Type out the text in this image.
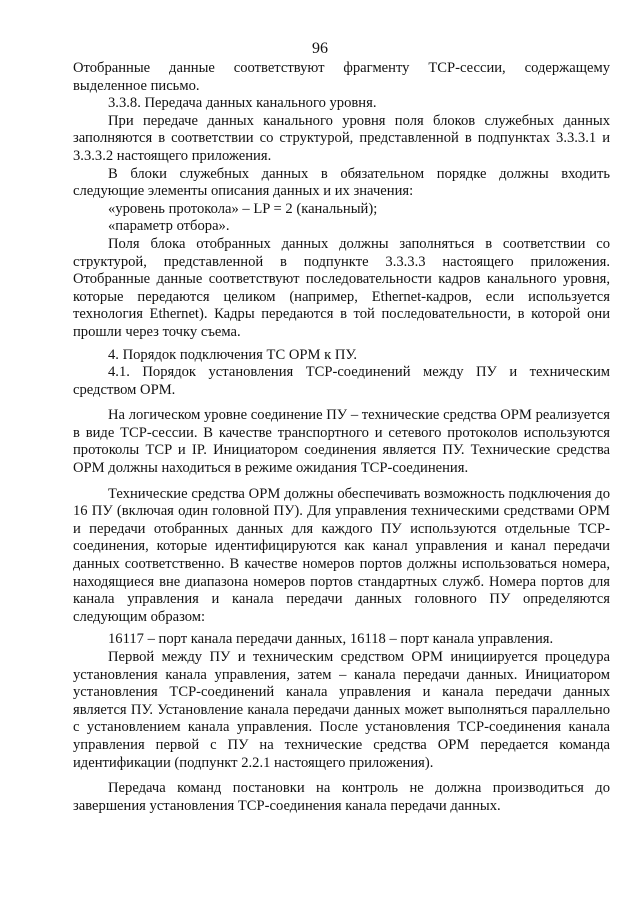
96

Отобранные данные соответствуют фрагменту TCP-сессии, содержащему выделенное письмо.

3.3.8. Передача данных канального уровня.

При передаче данных канального уровня поля блоков служебных данных заполняются в соответствии со структурой, представленной в подпунктах 3.3.3.1 и 3.3.3.2 настоящего приложения.

В блоки служебных данных в обязательном порядке должны входить следующие элементы описания данных и их значения:

«уровень протокола» – LP = 2 (канальный);

«параметр отбора».

Поля блока отобранных данных должны заполняться в соответствии со структурой, представленной в подпункте 3.3.3.3 настоящего приложения. Отобранные данные соответствуют последовательности кадров канального уровня, которые передаются целиком (например, Ethernet-кадров, если используется технология Ethernet). Кадры передаются в той последовательности, в которой они прошли через точку съема.

4. Порядок подключения ТС ОРМ к ПУ.

4.1. Порядок установления TCP-соединений между ПУ и техническим средством ОРМ.

На логическом уровне соединение ПУ – технические средства ОРМ реализуется в виде TCP-сессии. В качестве транспортного и сетевого протоколов используются протоколы TCP и IP. Инициатором соединения является ПУ. Технические средства ОРМ должны находиться в режиме ожидания TCP-соединения.

Технические средства ОРМ должны обеспечивать возможность подключения до 16 ПУ (включая один головной ПУ). Для управления техническими средствами ОРМ и передачи отобранных данных для каждого ПУ используются отдельные TCP-соединения, которые идентифицируются как канал управления и канал передачи данных соответственно. В качестве номеров портов должны использоваться номера, находящиеся вне диапазона номеров портов стандартных служб. Номера портов для канала управления и канала передачи данных головного ПУ определяются следующим образом:

16117 – порт канала передачи данных, 16118 – порт канала управления.

Первой между ПУ и техническим средством ОРМ инициируется процедура установления канала управления, затем – канала передачи данных. Инициатором установления TCP-соединений канала управления и канала передачи данных является ПУ. Установление канала передачи данных может выполняться параллельно с установлением канала управления. После установления TCP-соединения канала управления первой с ПУ на технические средства ОРМ передается команда идентификации (подпункт 2.2.1 настоящего приложения).

Передача команд постановки на контроль не должна производиться до завершения установления TCP-соединения канала передачи данных.
